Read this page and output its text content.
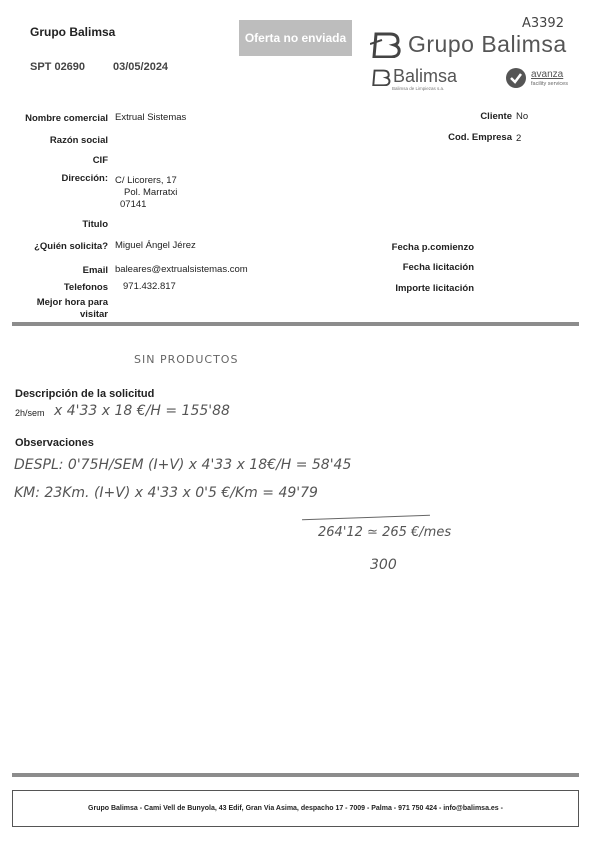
Grupo Balimsa
SPT 02690	03/05/2024
Oferta no enviada
A3392
Grupo Balimsa
Balimsa
Balimsa de Limpiezas s.a.
avanza
facility services
Nombre comercial Extrual Sistemas
Razón social
CIF
Dirección: C/ Licorers, 17
Pol. Marratxi
07141
Titulo
¿Quién solicita? Miguel Ángel Jérez
Email baleares@extrualsistemas.com
Telefonos 971.432.817
Mejor hora para
visitar
Cliente No
Cod. Empresa 2
Fecha p.comienzo
Fecha licitación
Importe licitación
SIN PRODUCTOS
Descripción de la solicitud
2h/sem x 4'33 x 18 €/H = 155'88
Observaciones
DESPL: 0'75H/SEM (I+V) x 4'33 x 18€/H = 58'45
KM: 23Km. (I+V) x 4'33 x 0'5 €/Km = 49'79
264'12 ≃ 265 €/mes
300
Grupo Balimsa - Cami Vell de Bunyola, 43 Edif, Gran Via Asima, despacho 17 - 7009 - Palma - 971 750 424 - info@balimsa.es -
